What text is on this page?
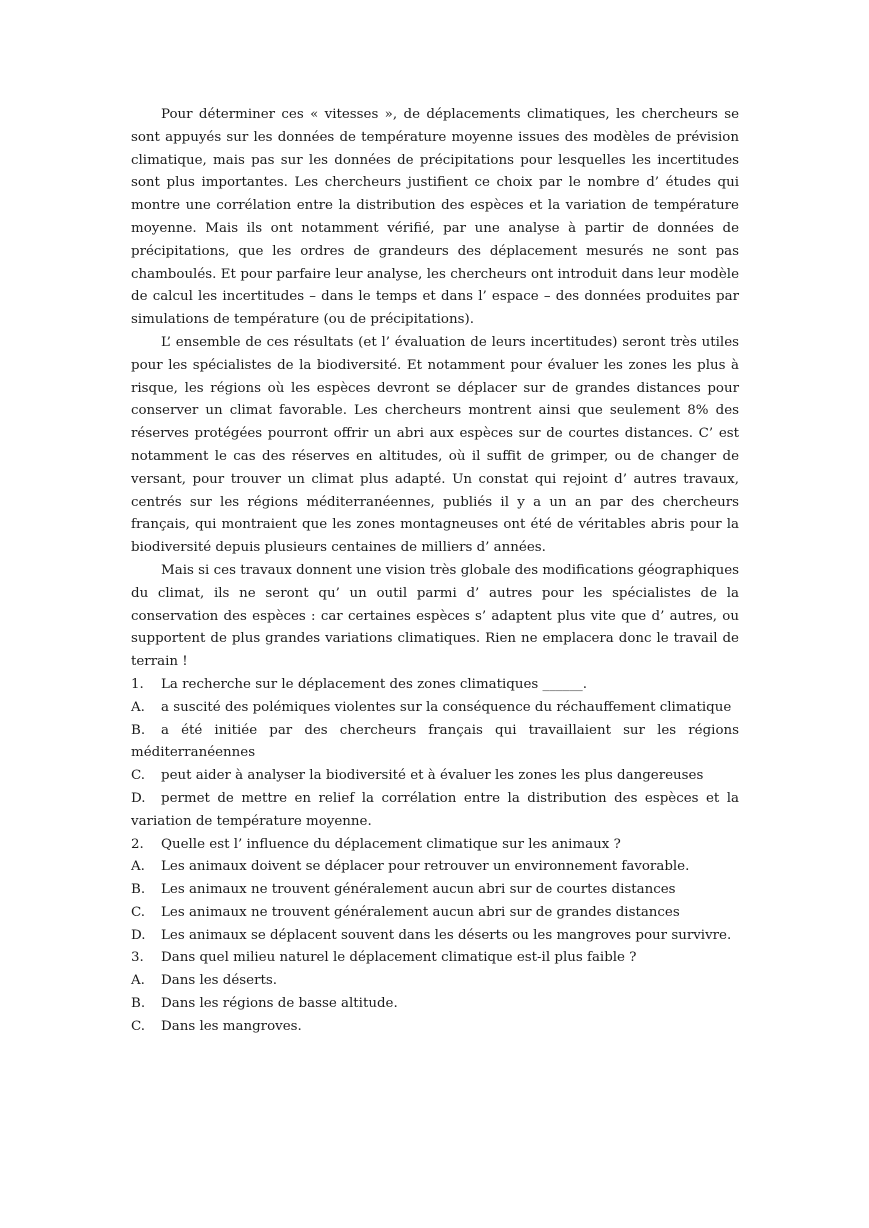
Pour déterminer ces « vitesses », de déplacements climatiques, les chercheurs se sont appuyés sur les données de température moyenne issues des modèles de prévision climatique, mais pas sur les données de précipitations pour lesquelles les incertitudes sont plus importantes. Les chercheurs justifient ce choix par le nombre d’ études qui montre une corrélation entre la distribution des espèces et la variation de température moyenne. Mais ils ont notamment vérifié, par une analyse à partir de données de précipitations, que les ordres de grandeurs des déplacement mesurés ne sont pas chamboulés. Et pour parfaire leur analyse, les chercheurs ont introduit dans leur modèle de calcul les incertitudes – dans le temps et dans l’ espace – des données produites par simulations de température (ou de précipitations).

L’ ensemble de ces résultats (et l’ évaluation de leurs incertitudes) seront très utiles pour les spécialistes de la biodiversité. Et notamment pour évaluer les zones les plus à risque, les régions où les espèces devront se déplacer sur de grandes distances pour conserver un climat favorable. Les chercheurs montrent ainsi que seulement 8% des réserves protégées pourront offrir un abri aux espèces sur de courtes distances. C’ est notamment le cas des réserves en altitudes, où il suffit de grimper, ou de changer de versant, pour trouver un climat plus adapté. Un constat qui rejoint d’ autres travaux, centrés sur les régions méditerranéennes, publiés il y a un an par des chercheurs français, qui montraient que les zones montagneuses ont été de véritables abris pour la biodiversité depuis plusieurs centaines de milliers d’ années.

Mais si ces travaux donnent une vision très globale des modifications géographiques du climat, ils ne seront qu’ un outil parmi d’ autres pour les spécialistes de la conservation des espèces : car certaines espèces s’ adaptent plus vite que d’ autres, ou supportent de plus grandes variations climatiques. Rien ne emplacera donc le travail de terrain !

1. La recherche sur le déplacement des zones climatiques ______.

A. a suscité des polémiques violentes sur la conséquence du réchauffement climatique

B. a été initiée par des chercheurs français qui travaillaient sur les régions méditerranéennes

C. peut aider à analyser la biodiversité et à évaluer les zones les plus dangereuses

D. permet de mettre en relief la corrélation entre la distribution des espèces et la variation de température moyenne.

2. Quelle est l’ influence du déplacement climatique sur les animaux ?

A. Les animaux doivent se déplacer pour retrouver un environnement favorable.

B. Les animaux ne trouvent généralement aucun abri sur de courtes distances

C. Les animaux ne trouvent généralement aucun abri sur de grandes distances

D. Les animaux se déplacent souvent dans les déserts ou les mangroves pour survivre.

3. Dans quel milieu naturel le déplacement climatique est-il plus faible ?

A. Dans les déserts.

B. Dans les régions de basse altitude.

C. Dans les mangroves.
